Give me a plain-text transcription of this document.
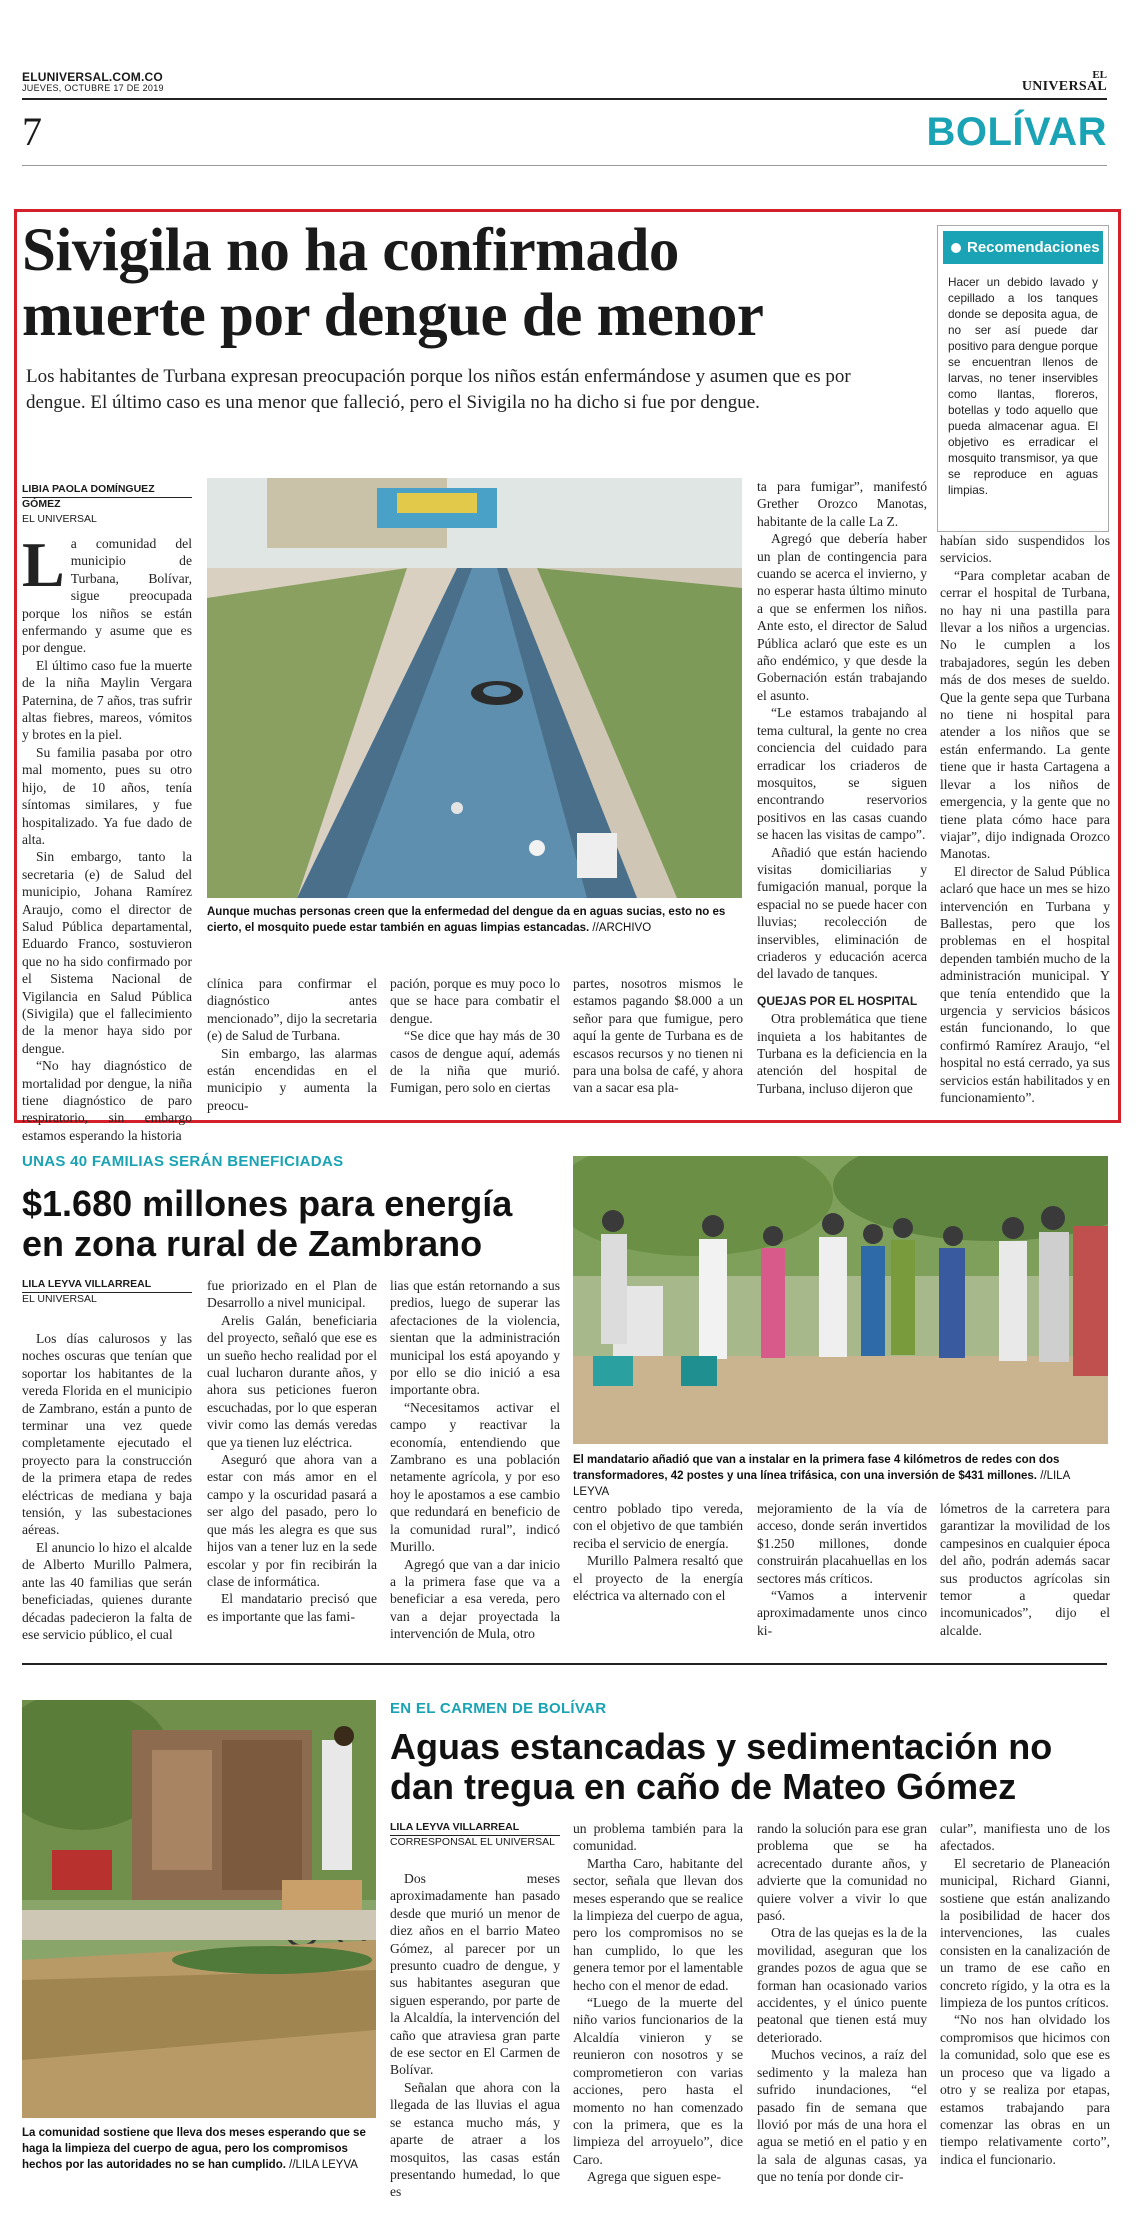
ELUNIVERSAL.COM.CO
JUEVES, OCTUBRE 17 DE 2019
EL
UNIVERSAL
7	BOLÍVAR
Sivigila no ha confirmado
muerte por dengue de menor
Los habitantes de Turbana expresan preocupación porque los niños están enfermándose y asumen que es por dengue. El último caso es una menor que falleció, pero el Sivigila no ha dicho si fue por dengue.
Recomendaciones
Hacer un debido lavado y cepillado a los tanques donde se deposita agua, de no ser así puede dar positivo para dengue porque se encuentran llenos de larvas, no tener inservibles como llantas, floreros, botellas y todo aquello que pueda almacenar agua. El objetivo es erradicar el mosquito transmisor, ya que se reproduce en aguas limpias.
LIBIA PAOLA DOMÍNGUEZ GÓMEZ
EL UNIVERSAL

La comunidad del municipio de Turbana, Bolívar, sigue preocupada porque los niños se están enfermando y asume que es por dengue.

El último caso fue la muerte de la niña Maylin Vergara Paternina, de 7 años, tras sufrir altas fiebres, mareos, vómitos y brotes en la piel.

Su familia pasaba por otro mal momento, pues su otro hijo, de 10 años, tenía síntomas similares, y fue hospitalizado. Ya fue dado de alta.

Sin embargo, tanto la secretaria (e) de Salud del municipio, Johana Ramírez Araujo, como el director de Salud Pública departamental, Eduardo Franco, sostuvieron que no ha sido confirmado por el Sistema Nacional de Vigilancia en Salud Pública (Sivigila) que el fallecimiento de la menor haya sido por dengue.

“No hay diagnóstico de mortalidad por dengue, la niña tiene diagnóstico de paro respiratorio, sin embargo estamos esperando la historia

Aunque muchas personas creen que la enfermedad del dengue da en aguas sucias, esto no es cierto, el mosquito puede estar también en aguas limpias estancadas. //ARCHIVO

clínica para confirmar el diagnóstico antes mencionado”, dijo la secretaria (e) de Salud de Turbana.

Sin embargo, las alarmas están encendidas en el municipio y aumenta la preocu-

pación, porque es muy poco lo que se hace para combatir el dengue.

“Se dice que hay más de 30 casos de dengue aquí, además de la niña que murió. Fumigan, pero solo en ciertas

partes, nosotros mismos le estamos pagando $8.000 a un señor para que fumigue, pero aquí la gente de Turbana es de escasos recursos y no tienen ni para una bolsa de café, y ahora van a sacar esa pla-

ta para fumigar”, manifestó Grether Orozco Manotas, habitante de la calle La Z.

Agregó que debería haber un plan de contingencia para cuando se acerca el invierno, y no esperar hasta último minuto a que se enfermen los niños. Ante esto, el director de Salud Pública aclaró que este es un año endémico, y que desde la Gobernación están trabajando el asunto.

“Le estamos trabajando al tema cultural, la gente no crea conciencia del cuidado para erradicar los criaderos de mosquitos, se siguen encontrando reservorios positivos en las casas cuando se hacen las visitas de campo”.

Añadió que están haciendo visitas domiciliarias y fumigación manual, porque la espacial no se puede hacer con lluvias; recolección de inservibles, eliminación de criaderos y educación acerca del lavado de tanques.

QUEJAS POR EL HOSPITAL

Otra problemática que tiene inquieta a los habitantes de Turbana es la deficiencia en la atención del hospital de Turbana, incluso dijeron que

habían sido suspendidos los servicios.

“Para completar acaban de cerrar el hospital de Turbana, no hay ni una pastilla para llevar a los niños a urgencias. No le cumplen a los trabajadores, según les deben más de dos meses de sueldo. Que la gente sepa que Turbana no tiene ni hospital para atender a los niños que se están enfermando. La gente tiene que ir hasta Cartagena a llevar a los niños de emergencia, y la gente que no tiene plata cómo hace para viajar”, dijo indignada Orozco Manotas.

El director de Salud Pública aclaró que hace un mes se hizo intervención en Turbana y Ballestas, pero que los problemas en el hospital dependen también mucho de la administración municipal. Y que tenía entendido que la urgencia y servicios básicos están funcionando, lo que confirmó Ramírez Araujo, “el hospital no está cerrado, ya sus servicios están habilitados y en funcionamiento”.

UNAS 40 FAMILIAS SERÁN BENEFICIADAS
$1.680 millones para energía
en zona rural de Zambrano
LILA LEYVA VILLARREAL
EL UNIVERSAL

Los días calurosos y las noches oscuras que tenían que soportar los habitantes de la vereda Florida en el municipio de Zambrano, están a punto de terminar una vez quede completamente ejecutado el proyecto para la construcción de la primera etapa de redes eléctricas de mediana y baja tensión, y las subestaciones aéreas.

El anuncio lo hizo el alcalde de Alberto Murillo Palmera, ante las 40 familias que serán beneficiadas, quienes durante décadas padecieron la falta de ese servicio público, el cual

fue priorizado en el Plan de Desarrollo a nivel municipal.

Arelis Galán, beneficiaria del proyecto, señaló que ese es un sueño hecho realidad por el cual lucharon durante años, y ahora sus peticiones fueron escuchadas, por lo que esperan vivir como las demás veredas que ya tienen luz eléctrica.

Aseguró que ahora van a estar con más amor en el campo y la oscuridad pasará a ser algo del pasado, pero lo que más les alegra es que sus hijos van a tener luz en la sede escolar y por fin recibirán la clase de informática.

El mandatario precisó que es importante que las fami-

lias que están retornando a sus predios, luego de superar las afectaciones de la violencia, sientan que la administración municipal los está apoyando y por ello se dio inició a esa importante obra.

“Necesitamos activar el campo y reactivar la economía, entendiendo que Zambrano es una población netamente agrícola, y por eso hoy le apostamos a ese cambio que redundará en beneficio de la comunidad rural”, indicó Murillo.

Agregó que van a dar inicio a la primera fase que va a beneficiar a esa vereda, pero van a dejar proyectada la intervención de Mula, otro

El mandatario añadió que van a instalar en la primera fase 4 kilómetros de redes con dos transformadores, 42 postes y una línea trifásica, con una inversión de $431 millones. //LILA LEYVA

centro poblado tipo vereda, con el objetivo de que también reciba el servicio de energía.

Murillo Palmera resaltó que el proyecto de la energía eléctrica va alternado con el

mejoramiento de la vía de acceso, donde serán invertidos $1.250 millones, donde construirán placahuellas en los sectores más críticos.

“Vamos a intervenir aproximadamente unos cinco ki-

lómetros de la carretera para garantizar la movilidad de los campesinos en cualquier época del año, podrán además sacar sus productos agrícolas sin temor a quedar incomunicados”, dijo el alcalde.

La comunidad sostiene que lleva dos meses esperando que se haga la limpieza del cuerpo de agua, pero los compromisos hechos por las autoridades no se han cumplido. //LILA LEYVA
EN EL CARMEN DE BOLÍVAR
Aguas estancadas y sedimentación no
dan tregua en caño de Mateo Gómez
LILA LEYVA VILLARREAL
CORRESPONSAL EL UNIVERSAL

Dos meses aproximadamente han pasado desde que murió un menor de diez años en el barrio Mateo Gómez, al parecer por un presunto cuadro de dengue, y sus habitantes aseguran que siguen esperando, por parte de la Alcaldía, la intervención del caño que atraviesa gran parte de ese sector en El Carmen de Bolívar.

Señalan que ahora con la llegada de las lluvias el agua se estanca mucho más, y aparte de atraer a los mosquitos, las casas están presentando humedad, lo que es

un problema también para la comunidad.

Martha Caro, habitante del sector, señala que llevan dos meses esperando que se realice la limpieza del cuerpo de agua, pero los compromisos no se han cumplido, lo que les genera temor por el lamentable hecho con el menor de edad.

“Luego de la muerte del niño varios funcionarios de la Alcaldía vinieron y se reunieron con nosotros y se comprometieron con varias acciones, pero hasta el momento no han comenzado con la primera, que es la limpieza del arroyuelo”, dice Caro.

Agrega que siguen espe-

rando la solución para ese gran problema que se ha acrecentado durante años, y advierte que la comunidad no quiere volver a vivir lo que pasó.

Otra de las quejas es la de la movilidad, aseguran que los grandes pozos de agua que se forman han ocasionado varios accidentes, y el único puente peatonal que tienen está muy deteriorado.

Muchos vecinos, a raíz del sedimento y la maleza han sufrido inundaciones, “el pasado fin de semana que llovió por más de una hora el agua se metió en el patio y en la sala de algunas casas, ya que no tenía por donde cir-

cular”, manifiesta uno de los afectados.

El secretario de Planeación municipal, Richard Gianni, sostiene que están analizando la posibilidad de hacer dos intervenciones, las cuales consisten en la canalización de un tramo de ese caño en concreto rígido, y la otra es la limpieza de los puntos críticos.

“No nos han olvidado los compromisos que hicimos con la comunidad, solo que ese es un proceso que va ligado a otro y se realiza por etapas, estamos trabajando para comenzar las obras en un tiempo relativamente corto”, indica el funcionario.
